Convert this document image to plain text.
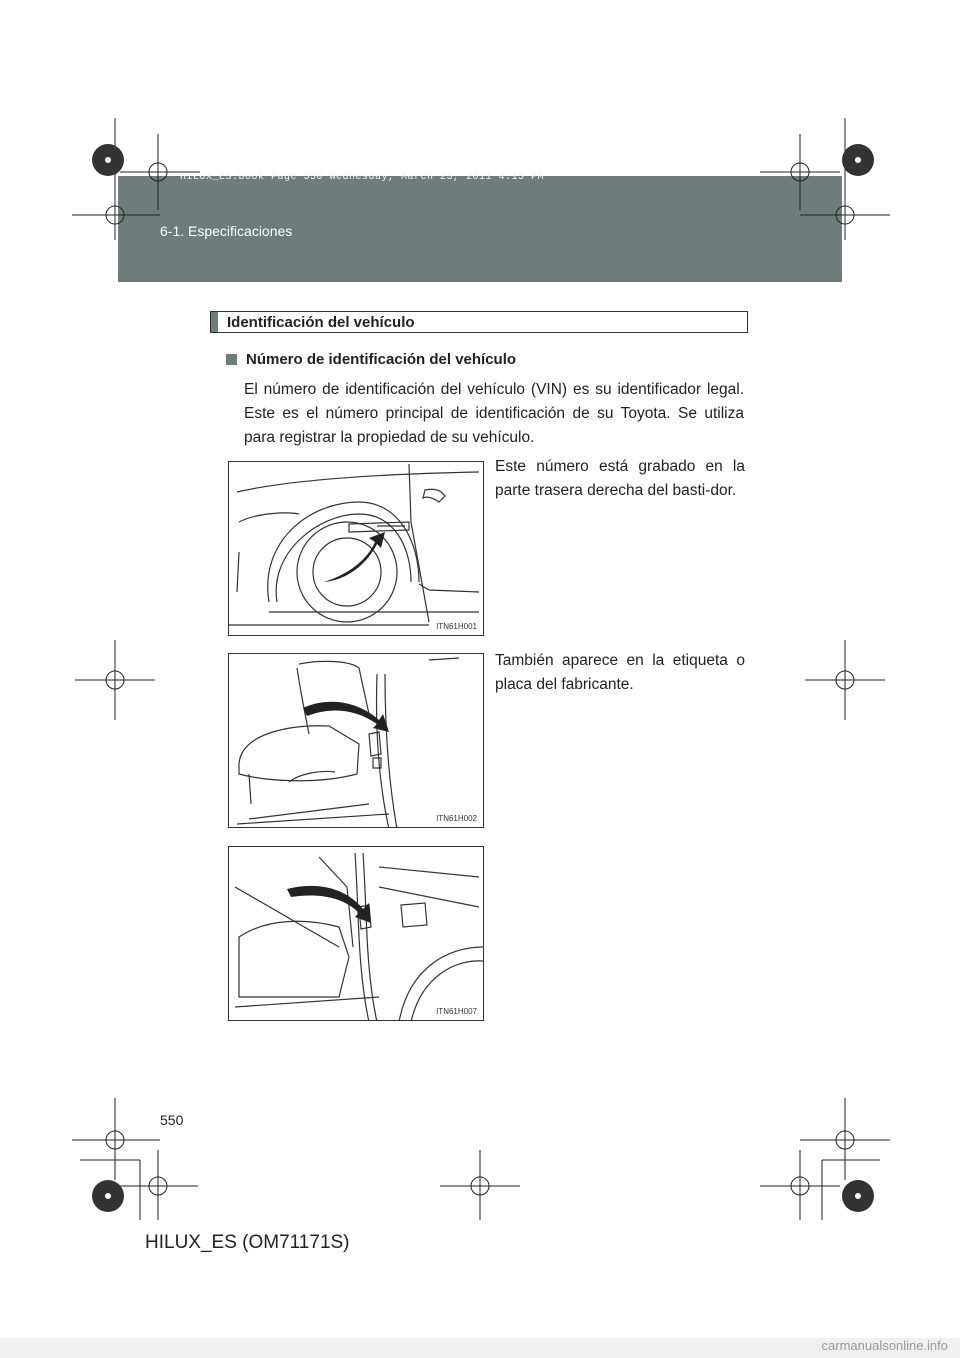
HILUX_ES.book Page 550 Wednesday, March 23, 2011 4:15 PM
6-1. Especificaciones
Identificación del vehículo
Número de identificación del vehículo
El número de identificación del vehículo (VIN) es su identificador legal. Este es el número principal de identificación de su Toyota. Se utiliza para registrar la propiedad de su vehículo.
ITN61H001
Este número está grabado en la parte trasera derecha del basti-dor.
ITN61H002
También aparece en la etiqueta o placa del fabricante.
ITN61H007
550
HILUX_ES (OM71171S)
carmanualsonline.info
